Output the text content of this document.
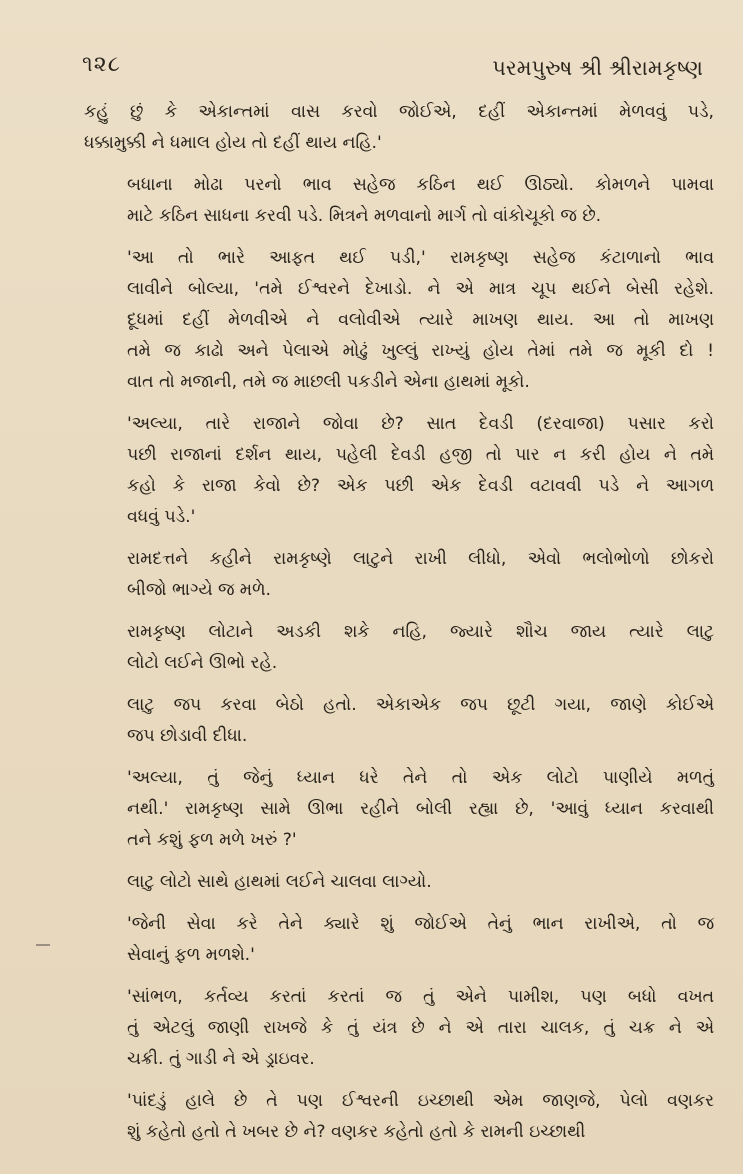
૧૨૮	પરમપુરુષ શ્રી શ્રીરામકૃષ્ણ

કહું છું કે એકાન્તમાં વાસ કરવો જોઈએ, દહીં એકાન્તમાં મેળવવું પડે,
ધક્કામુક્કી ને ધમાલ હોય તો દહીં થાય નહિ.'

બધાના મોઢા પરનો ભાવ સહેજ કઠિન થઈ ઊઠ્યો. કોમળને પામવા
માટે કઠિન સાધના કરવી પડે. મિત્રને મળવાનો માર્ગ તો વાંકોચૂકો જ છે.

'આ તો ભારે આફત થઈ પડી,' રામકૃષ્ણ સહેજ કંટાળાનો ભાવ
લાવીને બોલ્યા, 'તમે ઈશ્વરને દેખાડો. ને એ માત્ર ચૂપ થઈને બેસી રહેશે.
દૂધમાં દહીં મેળવીએ ને વલોવીએ ત્યારે માખણ થાય. આ તો માખણ
તમે જ કાઢો અને પેલાએ મોઢું ખુલ્લું રાખ્યું હોય તેમાં તમે જ મૂકી દો !
વાત તો મજાની, તમે જ માછલી પકડીને એના હાથમાં મૂકો.

'અલ્યા, તારે રાજાને જોવા છે? સાત દેવડી (દરવાજા) પસાર કરો
પછી રાજાનાં દર્શન થાય, પહેલી દેવડી હજી તો પાર ન કરી હોય ને તમે
કહો કે રાજા કેવો છે? એક પછી એક દેવડી વટાવવી પડે ને આગળ
વધવું પડે.'

રામદત્તને કહીને રામકૃષ્ણે લાટુને રાખી લીધો, એવો ભલોભોળો છોકરો
બીજો ભાગ્યે જ મળે.

રામકૃષ્ણ લોટાને અડકી શકે નહિ, જ્યારે શૌચ જાય ત્યારે લાટુ
લોટો લઈને ઊભો રહે.

લાટુ જપ કરવા બેઠો હતો. એકાએક જપ છૂટી ગયા, જાણે કોઈએ
જપ છોડાવી દીધા.

'અલ્યા, તું જેનું ધ્યાન ધરે તેને તો એક લોટો પાણીયે મળતું
નથી.' રામકૃષ્ણ સામે ઊભા રહીને બોલી રહ્યા છે, 'આવું ધ્યાન કરવાથી
તને કશું ફળ મળે ખરું ?'

લાટુ લોટો સાથે હાથમાં લઈને ચાલવા લાગ્યો.

'જેની સેવા કરે તેને ક્યારે શું જોઈએ તેનું ભાન રાખીએ, તો જ
સેવાનું ફળ મળશે.'

'સાંભળ, કર્તવ્ય કરતાં કરતાં જ તું એને પામીશ, પણ બધો વખત
તું એટલું જાણી રાખજે કે તું યંત્ર છે ને એ તારા ચાલક, તું ચક્ર ને એ
ચક્રી. તું ગાડી ને એ ડ્રાઇવર.

'પાંદડું હાલે છે તે પણ ઈશ્વરની ઇચ્છાથી એમ જાણજે, પેલો વણકર
શું કહેતો હતો તે ખબર છે ને? વણકર કહેતો હતો કે રામની ઇચ્છાથી
